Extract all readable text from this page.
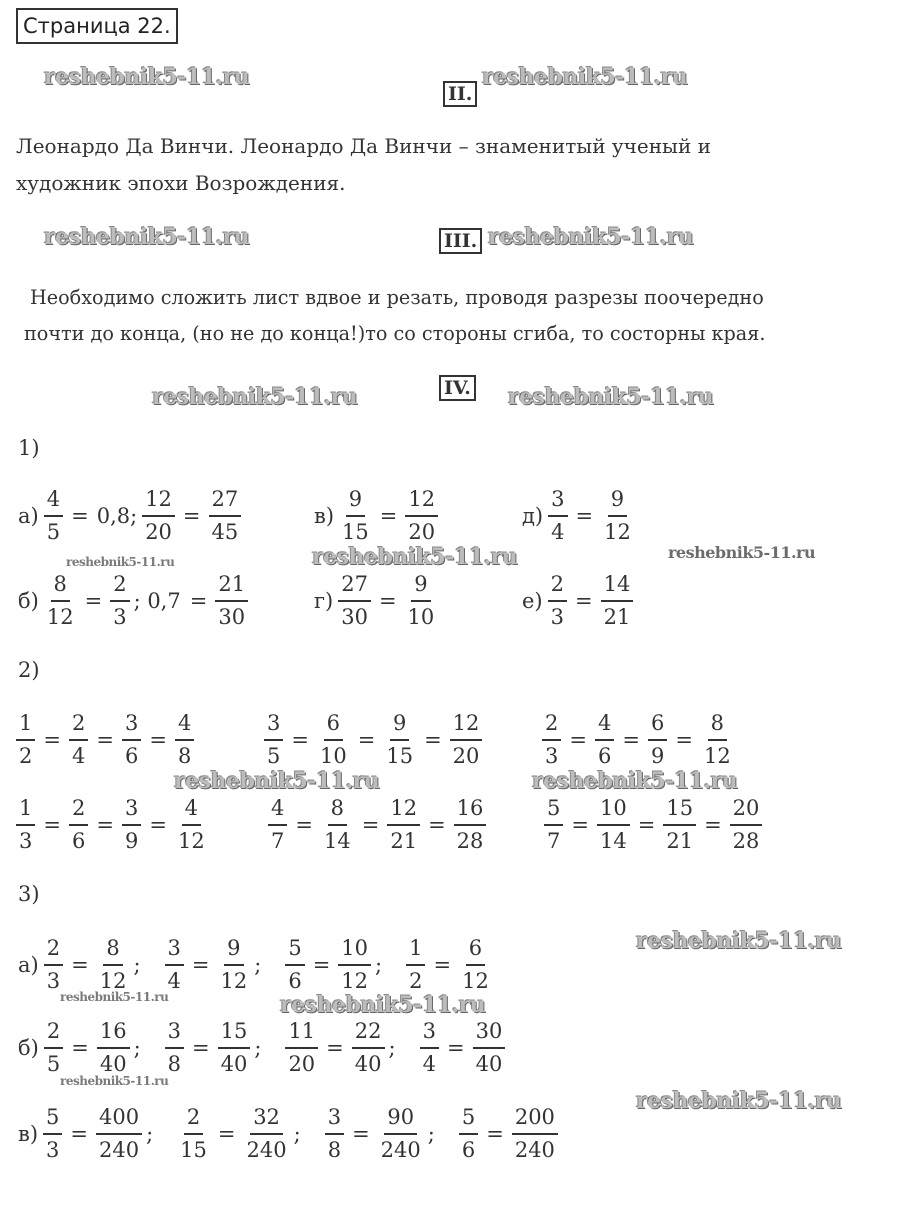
Страница 22.
reshebnik5-11.ru
II.
reshebnik5-11.ru
Леонардо Да Винчи. Леонардо Да Винчи – знаменитый ученый и
художник эпохи Возрождения.
reshebnik5-11.ru	III. reshebnik5-11.ru
Необходимо сложить лист вдвое и резать, проводя разрезы поочередно
почти до конца, (но не до конца!)то со стороны сгиба, то состорны края.
reshebnik5-11.ru	IV. reshebnik5-11.ru
1)
$а) \frac{4}{5} = 0,8$; $\frac{12}{20} = \frac{27}{45}$	$в) \frac{9}{15} = \frac{12}{20}$	$д) \frac{3}{4} = \frac{9}{12}$
$б) \frac{8}{12} = \frac{2}{3}$ ; $0,7 = \frac{21}{30}$	$г) \frac{27}{30} = \frac{9}{10}$	$е) \frac{2}{3} = \frac{14}{21}$
reshebnik5-11.ru	reshebnik5-11.ru	reshebnik5-11.ru
2)
$\frac{1}{2} = \frac{2}{4} = \frac{3}{6} = \frac{4}{8}$	$\frac{3}{5} = \frac{6}{10} = \frac{9}{15} = \frac{12}{20}$	$\frac{2}{3} = \frac{4}{6} = \frac{6}{9} = \frac{8}{12}$
$\frac{1}{3} = \frac{2}{6} = \frac{3}{9} = \frac{4}{12}$	$\frac{4}{7} = \frac{8}{14} = \frac{12}{21} = \frac{16}{28}$	$\frac{5}{7} = \frac{10}{14} = \frac{15}{21} = \frac{20}{28}$
reshebnik5-11.ru	reshebnik5-11.ru
3)
$а) \frac{2}{3} = \frac{8}{12}$ ; $\frac{3}{4} = \frac{9}{12}$ ; $\frac{5}{6} = \frac{10}{12}$ ; $\frac{1}{2} = \frac{6}{12}$
$б) \frac{2}{5} = \frac{16}{40}$ ; $\frac{3}{8} = \frac{15}{40}$ ; $\frac{11}{20} = \frac{22}{40}$ ; $\frac{3}{4} = \frac{30}{40}$
$в) \frac{5}{3} = \frac{400}{240}$ ; $\frac{2}{15} = \frac{32}{240}$ ; $\frac{3}{8} = \frac{90}{240}$ ; $\frac{5}{6} = \frac{200}{240}$
reshebnik5-11.ru
reshebnik5-11.ru	reshebnik5-11.ru
reshebnik5-11.ru
reshebnik5-11.ru
